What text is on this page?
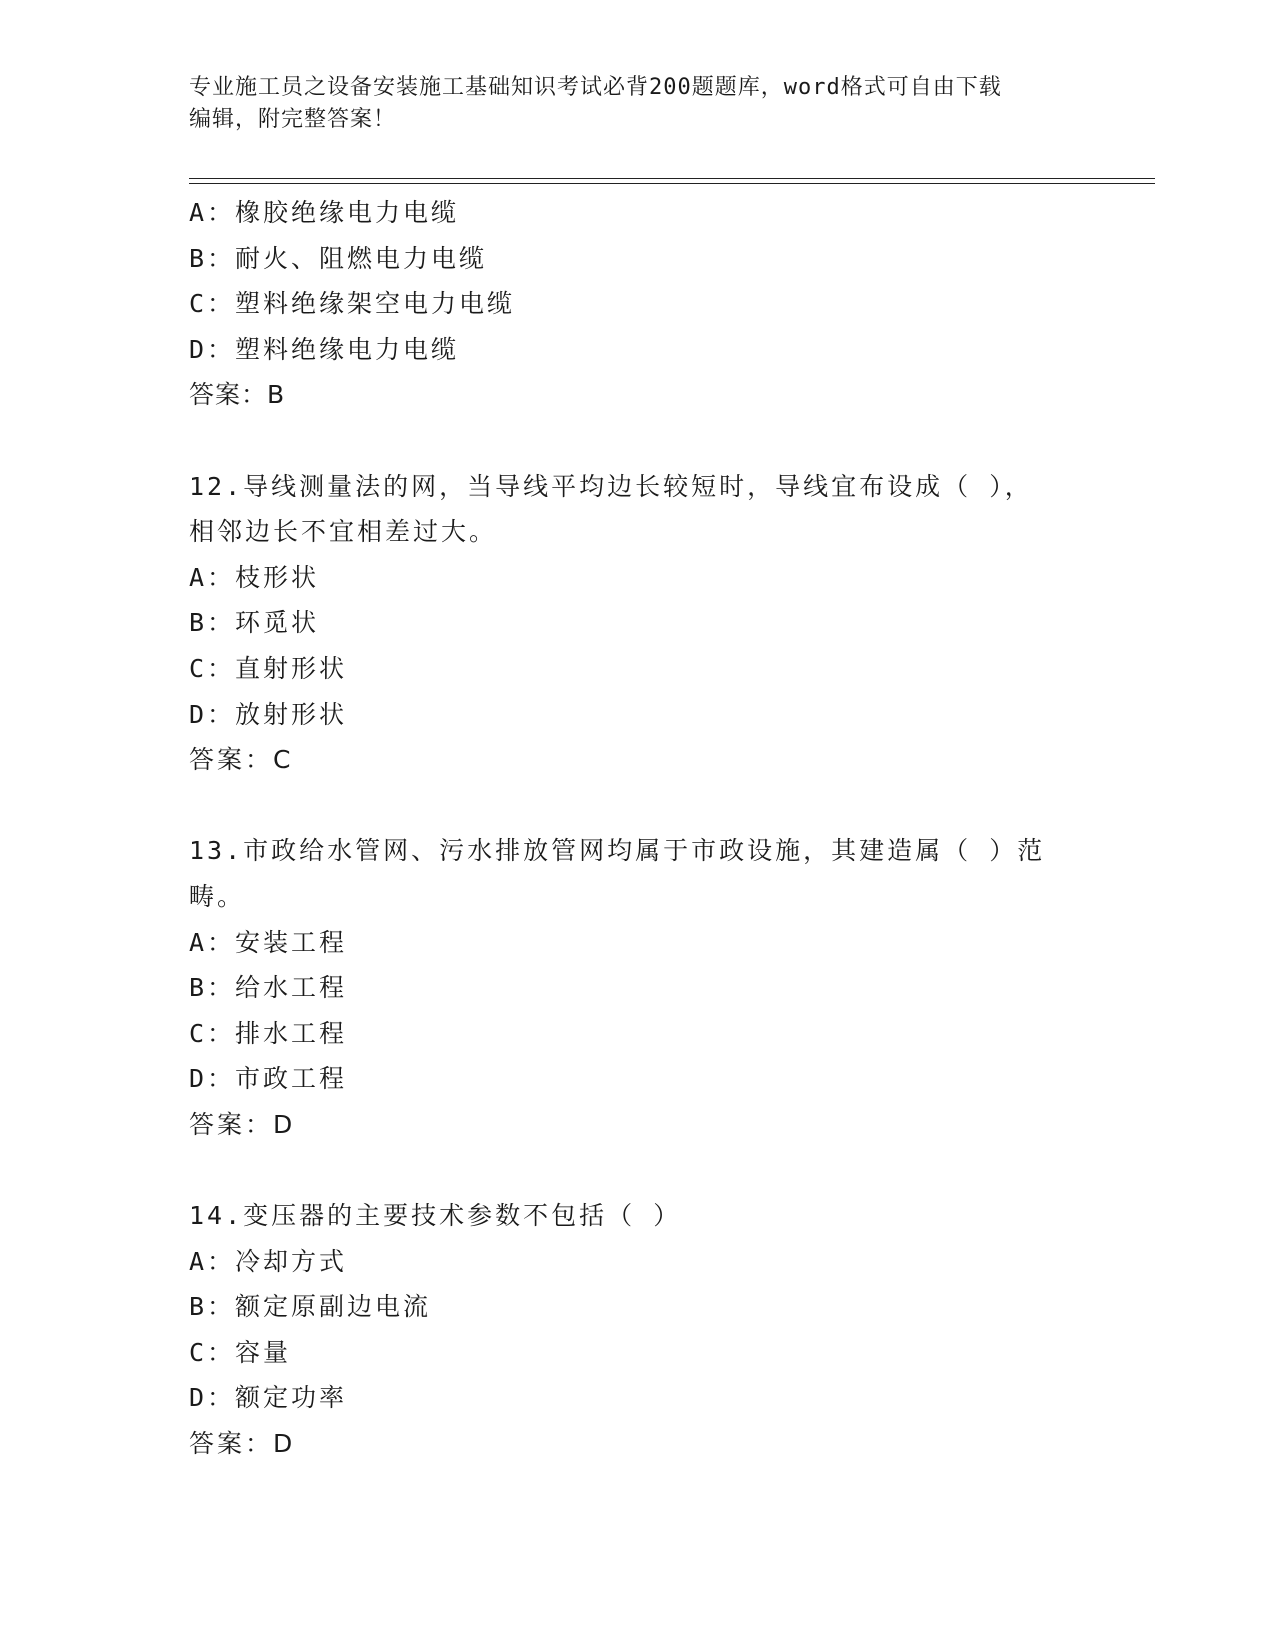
专业施工员之设备安装施工基础知识考试必背200题题库，word格式可自由下载
编辑，附完整答案！
A：橡胶绝缘电力电缆
B：耐火、阻燃电力电缆
C：塑料绝缘架空电力电缆
D：塑料绝缘电力电缆
答案：B
12.导线测量法的网，当导线平均边长较短时，导线宜布设成（ ），
相邻边长不宜相差过大。
A：枝形状
B：环觅状
C：直射形状
D：放射形状
答案：C
13.市政给水管网、污水排放管网均属于市政设施，其建造属（ ）范
畴。
A：安装工程
B：给水工程
C：排水工程
D：市政工程
答案：D
14.变压器的主要技术参数不包括（ ）
A：冷却方式
B：额定原副边电流
C：容量
D：额定功率
答案：D
